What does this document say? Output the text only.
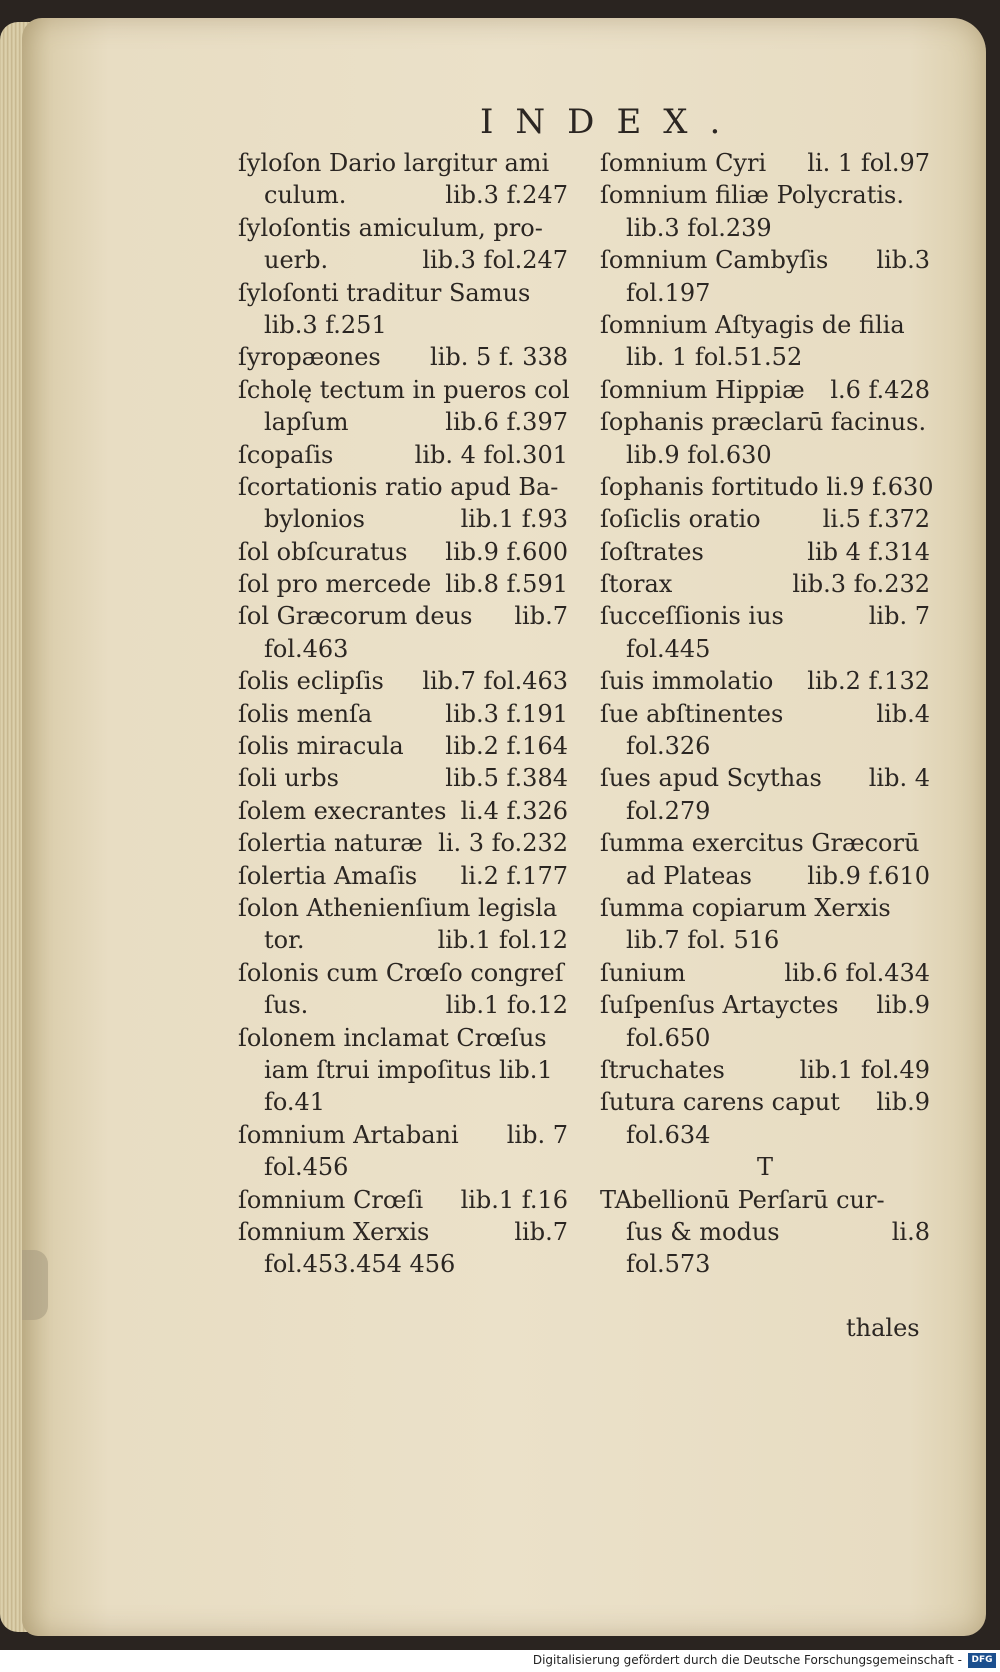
INDEX.
ſyloſon Dario largitur ami
culum.	lib.3 f.247
ſyloſontis amiculum, pro-
uerb.	lib.3 fol.247
ſyloſonti traditur Samus
lib.3 f.251
ſyropæones lib. 5 f. 338
ſcholę tectum in pueros col
lapſum	lib.6 f.397
ſcopaſis	lib. 4 fol.301
ſcortationis ratio apud Ba-
bylonios	lib.1 f.93
ſol obſcuratus lib.9 f.600
ſol pro mercede lib.8 f.591
ſol Græcorum deus lib.7
fol.463
ſolis eclipſis lib.7 fol.463
ſolis menſa	lib.3 f.191
ſolis miracula lib.2 f.164
ſoli urbs	lib.5 f.384
ſolem execrantes li.4 f.326
ſolertia naturæ li. 3 fo.232
ſolertia Amaſis li.2 f.177
ſolon Athenienſium legisla
tor.	lib.1 fol.12
ſolonis cum Crœſo congreſ
ſus.	lib.1 fo.12
ſolonem inclamat Crœſus
iam ſtrui impoſitus lib.1
fo.41
ſomnium Artabani lib. 7
fol.456
ſomnium Crœſi lib.1 f.16
ſomnium Xerxis	lib.7
fol.453.454 456
ſomnium Cyri li. 1 fol.97
ſomnium filiæ Polycratis.
lib.3 fol.239
ſomnium Cambyſis lib.3
fol.197
ſomnium Aſtyagis de filia
lib. 1 fol.51.52
ſomnium Hippiæ l.6 f.428
ſophanis præclarū facinus.
lib.9 fol.630
ſophanis fortitudo li.9 f.630
ſoſiclis oratio	li.5 f.372
ſoſtrates	lib 4 f.314
ſtorax	lib.3 fo.232
ſucceſſionis ius	lib. 7
fol.445
ſuis immolatio lib.2 f.132
ſue abſtinentes	lib.4
fol.326
ſues apud Scythas lib. 4
fol.279
ſumma exercitus Græcorū
ad Plateas lib.9 f.610
ſumma copiarum Xerxis
lib.7 fol. 516
ſunium	lib.6 fol.434
ſuſpenſus Artayctes lib.9
fol.650
ſtruchates	lib.1 fol.49
ſutura carens caput lib.9
fol.634
T
TAbellionū Perſarū cur-
ſus & modus	li.8
fol.573
thales
Digitalisierung gefördert durch die Deutsche Forschungsgemeinschaft -	DFG
